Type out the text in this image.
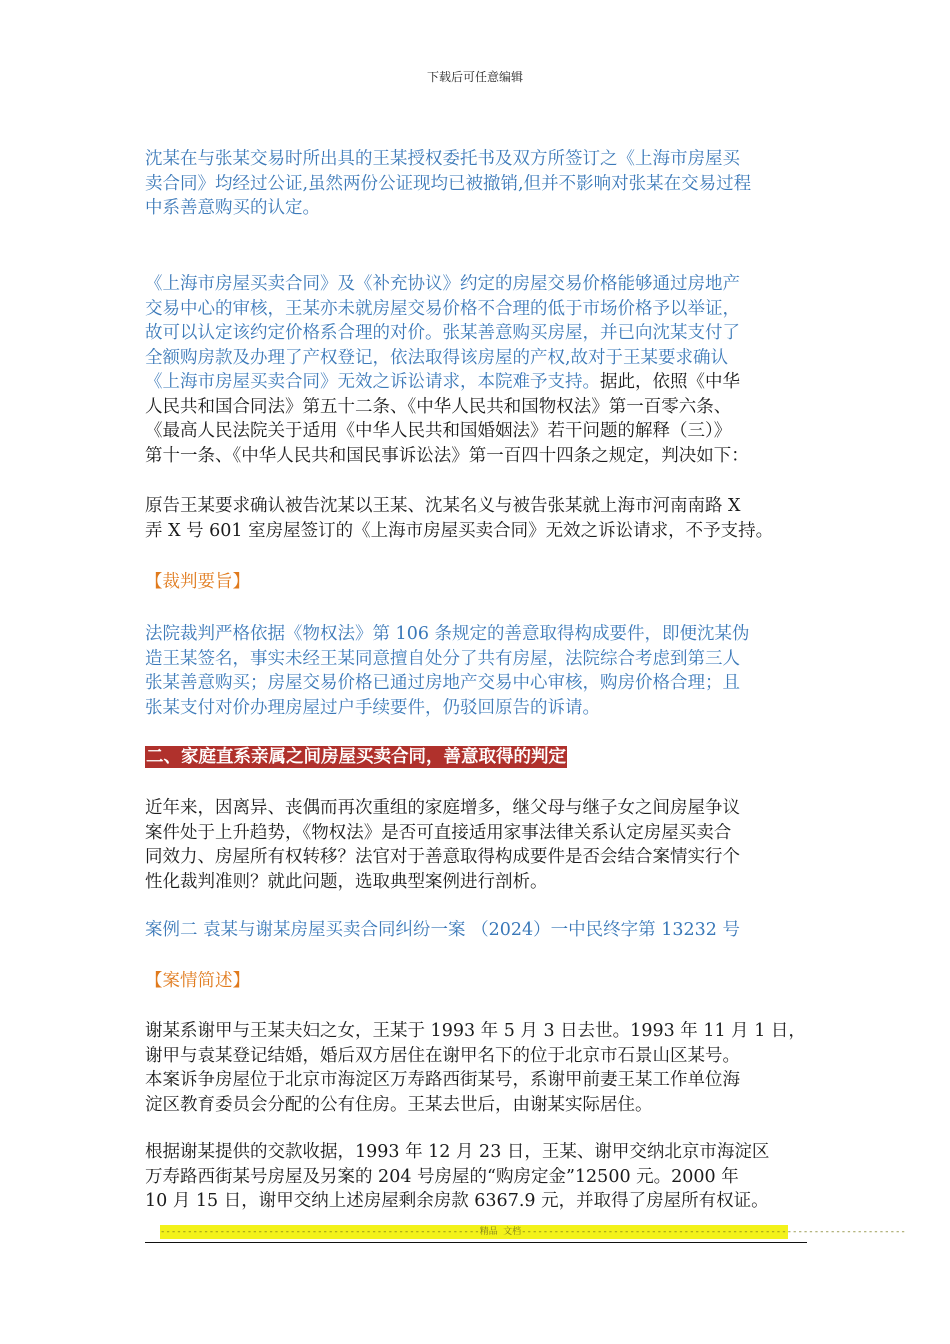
下载后可任意编辑

沈某在与张某交易时所出具的王某授权委托书及双方所签订之《上海市房屋买
卖合同》均经过公证,虽然两份公证现均已被撤销,但并不影响对张某在交易过程
中系善意购买的认定。

《上海市房屋买卖合同》及《补充协议》约定的房屋交易价格能够通过房地产
交易中心的审核，王某亦未就房屋交易价格不合理的低于市场价格予以举证，
故可以认定该约定价格系合理的对价。张某善意购买房屋，并已向沈某支付了
全额购房款及办理了产权登记，依法取得该房屋的产权,故对于王某要求确认
《上海市房屋买卖合同》无效之诉讼请求，本院难予支持。据此，依照《中华
人民共和国合同法》第五十二条、《中华人民共和国物权法》第一百零六条、
《最高人民法院关于适用《中华人民共和国婚姻法》若干问题的解释（三）》
第十一条、《中华人民共和国民事诉讼法》第一百四十四条之规定，判决如下：

原告王某要求确认被告沈某以王某、沈某名义与被告张某就上海市河南南路 X
弄 X 号 601 室房屋签订的《上海市房屋买卖合同》无效之诉讼请求，不予支持。

【裁判要旨】

法院裁判严格依据《物权法》第 106 条规定的善意取得构成要件，即便沈某伪
造王某签名，事实未经王某同意擅自处分了共有房屋，法院综合考虑到第三人
张某善意购买；房屋交易价格已通过房地产交易中心审核，购房价格合理；且
张某支付对价办理房屋过户手续要件，仍驳回原告的诉请。

二、家庭直系亲属之间房屋买卖合同，善意取得的判定

近年来，因离异、丧偶而再次重组的家庭增多，继父母与继子女之间房屋争议
案件处于上升趋势，《物权法》是否可直接适用家事法律关系认定房屋买卖合
同效力、房屋所有权转移？法官对于善意取得构成要件是否会结合案情实行个
性化裁判准则？就此问题，选取典型案例进行剖析。

案例二 袁某与谢某房屋买卖合同纠纷一案 （2024）一中民终字第 13232 号

【案情简述】

谢某系谢甲与王某夫妇之女，王某于 1993 年 5 月 3 日去世。1993 年 11 月 1 日，
谢甲与袁某登记结婚，婚后双方居住在谢甲名下的位于北京市石景山区某号。
本案诉争房屋位于北京市海淀区万寿路西街某号，系谢甲前妻王某工作单位海
淀区教育委员会分配的公有住房。王某去世后，由谢某实际居住。

根据谢某提供的交款收据，1993 年 12 月 23 日，王某、谢甲交纳北京市海淀区
万寿路西街某号房屋及另案的 204 号房屋的“购房定金”12500 元。2000 年
10 月 15 日，谢甲交纳上述房屋剩余房款 6367.9 元，并取得了房屋所有权证。

-----------------------------------------------------------精品 文档-----------------------------------------------------------------------
